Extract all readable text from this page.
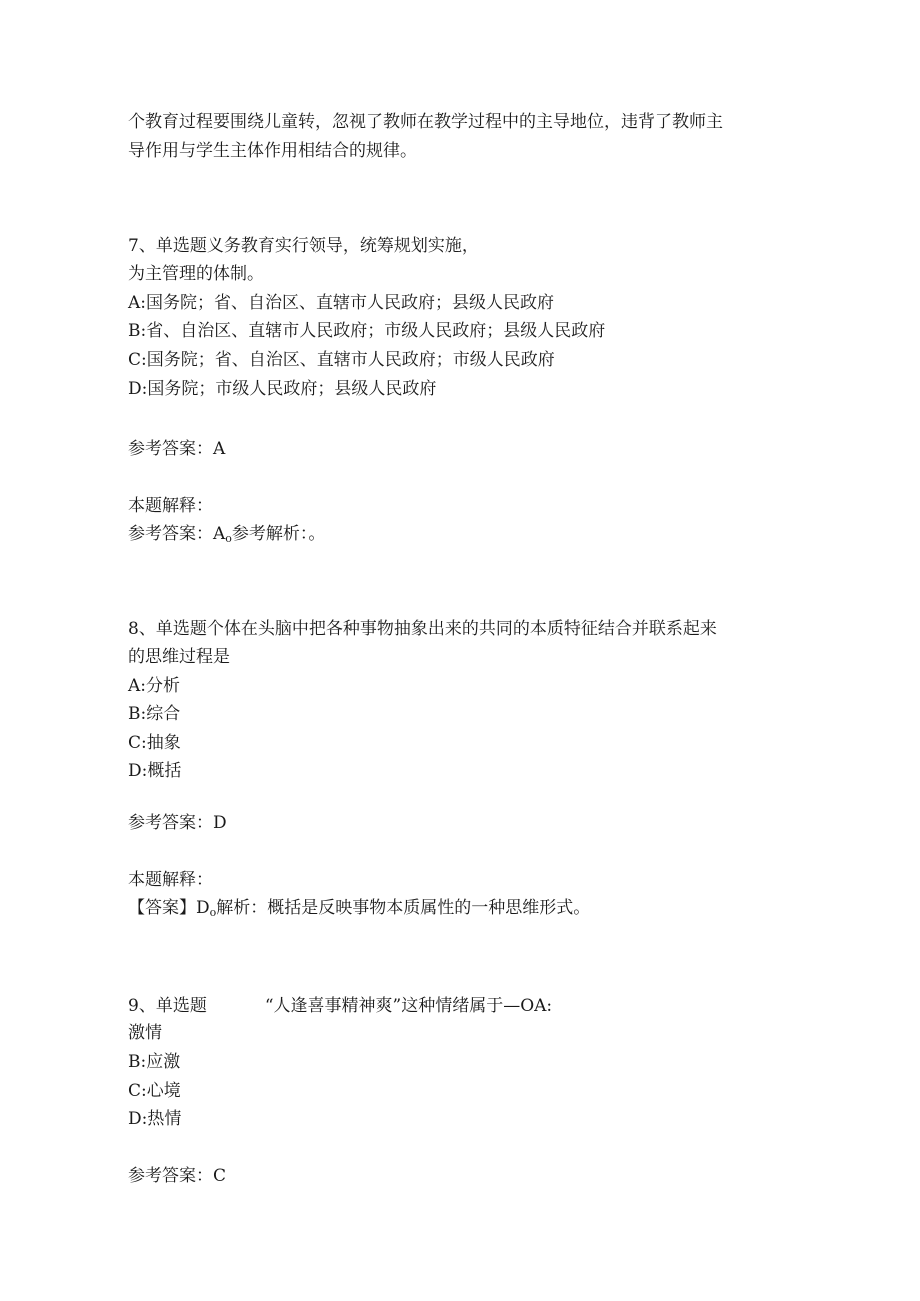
个教育过程要围绕儿童转，忽视了教师在教学过程中的主导地位，违背了教师主
导作用与学生主体作用相结合的规律。
7、单选题义务教育实行领导，统筹规划实施，
为主管理的体制。
A:国务院；省、自治区、直辖市人民政府；县级人民政府
B:省、自治区、直辖市人民政府；市级人民政府；县级人民政府
C:国务院；省、自治区、直辖市人民政府；市级人民政府
D:国务院；市级人民政府；县级人民政府
参考答案：A
本题解释：
参考答案：$A_o$参考解析：。
8、单选题个体在头脑中把各种事物抽象出来的共同的本质特征结合并联系起来
的思维过程是
A:分析
B:综合
C:抽象
D:概括
参考答案：D
本题解释：
【答案】$D_o$解析：概括是反映事物本质属性的一种思维形式。
9、单选题	“人逢喜事精神爽”这种情绪属于—OA:
激情
B:应激
C:心境
D:热情
参考答案：C
